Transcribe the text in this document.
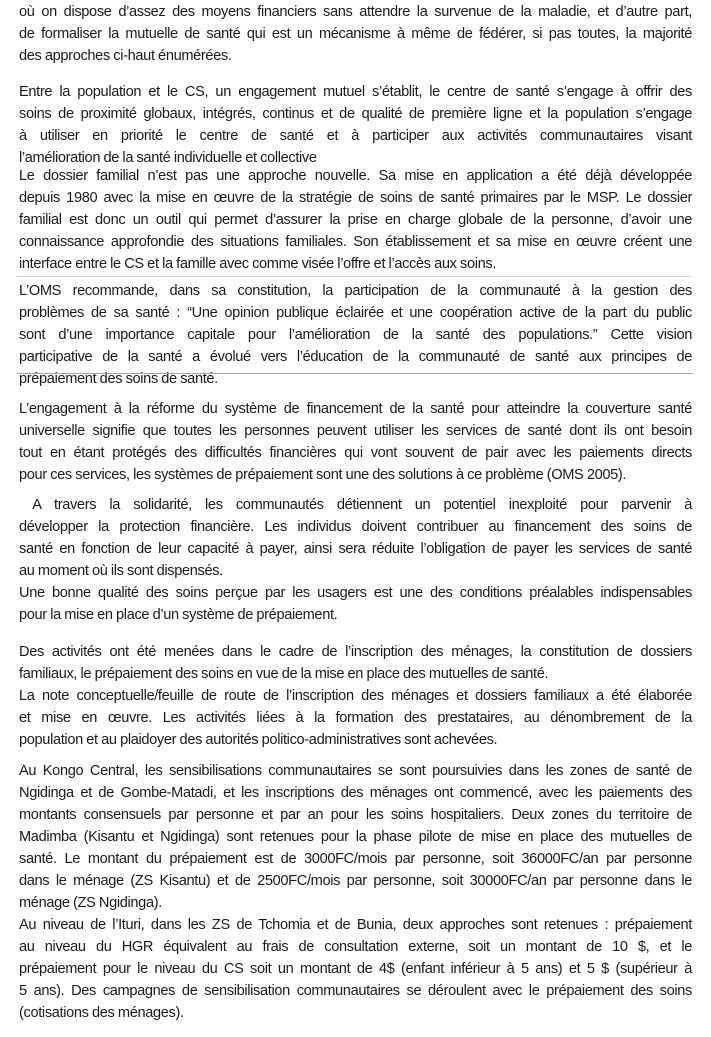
où on dispose d’assez des moyens financiers sans attendre la survenue de la maladie, et d’autre part,
de formaliser la mutuelle de santé qui est un mécanisme à même de fédérer, si pas toutes, la majorité
des approches ci-haut énumérées.

Entre la population et le CS, un engagement mutuel s’établit, le centre de santé s’engage à offrir des
soins de proximité globaux, intégrés, continus et de qualité de première ligne et la population s’engage
à utiliser en priorité le centre de santé et à participer aux activités communautaires visant
l’amélioration de la santé individuelle et collective

Le dossier familial n’est pas une approche nouvelle. Sa mise en application a été déjà développée
depuis 1980 avec la mise en œuvre de la stratégie de soins de santé primaires par le MSP. Le dossier
familial est donc un outil qui permet d’assurer la prise en charge globale de la personne, d’avoir une
connaissance approfondie des situations familiales. Son établissement et sa mise en œuvre créent une
interface entre le CS et la famille avec comme visée l’offre et l’accès aux soins.

L’OMS recommande, dans sa constitution, la participation de la communauté à la gestion des
problèmes de sa santé : “Une opinion publique éclairée et une coopération active de la part du public
sont d’une importance capitale pour l’amélioration de la santé des populations.” Cette vision
participative de la santé a évolué vers l’éducation de la communauté de santé aux principes de
prépaiement des soins de santé.

L’engagement à la réforme du système de financement de la santé pour atteindre la couverture santé
universelle signifie que toutes les personnes peuvent utiliser les services de santé dont ils ont besoin
tout en étant protégés des difficultés financières qui vont souvent de pair avec les paiements directs
pour ces services, les systèmes de prépaiement sont une des solutions à ce problème (OMS 2005).

A travers la solidarité, les communautés détiennent un potentiel inexploité pour parvenir à
développer la protection financière. Les individus doivent contribuer au financement des soins de
santé en fonction de leur capacité à payer, ainsi sera réduite l’obligation de payer les services de santé
au moment où ils sont dispensés.
Une bonne qualité des soins perçue par les usagers est une des conditions préalables indispensables
pour la mise en place d’un système de prépaiement.

Des activités ont été menées dans le cadre de l’inscription des ménages, la constitution de dossiers
familiaux, le prépaiement des soins en vue de la mise en place des mutuelles de santé.

La note conceptuelle/feuille de route de l’inscription des ménages et dossiers familiaux a été élaborée
et mise en œuvre. Les activités liées à la formation des prestataires, au dénombrement de la
population et au plaidoyer des autorités politico-administratives sont achevées.

Au Kongo Central, les sensibilisations communautaires se sont poursuivies dans les zones de santé de
Ngidinga et de Gombe-Matadi, et les inscriptions des ménages ont commencé, avec les paiements des
montants consensuels par personne et par an pour les soins hospitaliers. Deux zones du territoire de
Madimba (Kisantu et Ngidinga) sont retenues pour la phase pilote de mise en place des mutuelles de
santé. Le montant du prépaiement est de 3000FC/mois par personne, soit 36000FC/an par personne
dans le ménage (ZS Kisantu) et de 2500FC/mois par personne, soit 30000FC/an par personne dans le
ménage (ZS Ngidinga).

Au niveau de l’Ituri, dans les ZS de Tchomia et de Bunia, deux approches sont retenues : prépaiement
au niveau du HGR équivalent au frais de consultation externe, soit un montant de 10 $, et le
prépaiement pour le niveau du CS soit un montant de 4$ (enfant inférieur à 5 ans) et 5 $ (supérieur à
5 ans). Des campagnes de sensibilisation communautaires se déroulent avec le prépaiement des soins
(cotisations des ménages).
